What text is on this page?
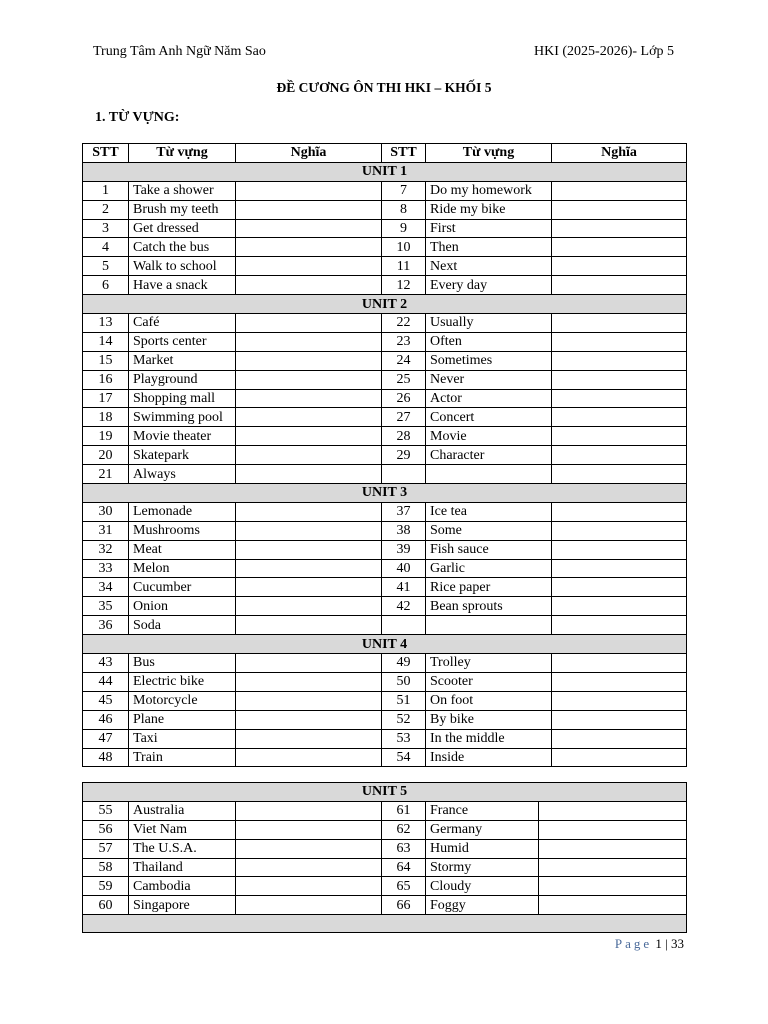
Trung Tâm Anh Ngữ Năm Sao	HKI (2025-2026)- Lớp 5
ĐỀ CƯƠNG ÔN THI HKI – KHỐI 5
1. TỪ VỰNG:
STT	Từ vựng	Nghĩa	STT	Từ vựng	Nghĩa
UNIT 1					
1	Take a shower		7	Do my homework	
2	Brush my teeth		8	Ride my bike	
3	Get dressed		9	First	
4	Catch the bus		10	Then	
5	Walk to school		11	Next	
6	Have a snack		12	Every day	
UNIT 2					
13	Café		22	Usually	
14	Sports center		23	Often	
15	Market		24	Sometimes	
16	Playground		25	Never	
17	Shopping mall		26	Actor	
18	Swimming pool		27	Concert	
19	Movie theater		28	Movie	
20	Skatepark		29	Character	
21	Always				
UNIT 3					
30	Lemonade		37	Ice tea	
31	Mushrooms		38	Some	
32	Meat		39	Fish sauce	
33	Melon		40	Garlic	
34	Cucumber		41	Rice paper	
35	Onion		42	Bean sprouts	
36	Soda				
UNIT 4					
43	Bus		49	Trolley	
44	Electric bike		50	Scooter	
45	Motorcycle		51	On foot	
46	Plane		52	By bike	
47	Taxi		53	In the middle	
48	Train		54	Inside	
UNIT 5					
55	Australia		61	France	
56	Viet Nam		62	Germany	
57	The U.S.A.		63	Humid	
58	Thailand		64	Stormy	
59	Cambodia		65	Cloudy	
60	Singapore		66	Foggy	

Page 1 | 33
